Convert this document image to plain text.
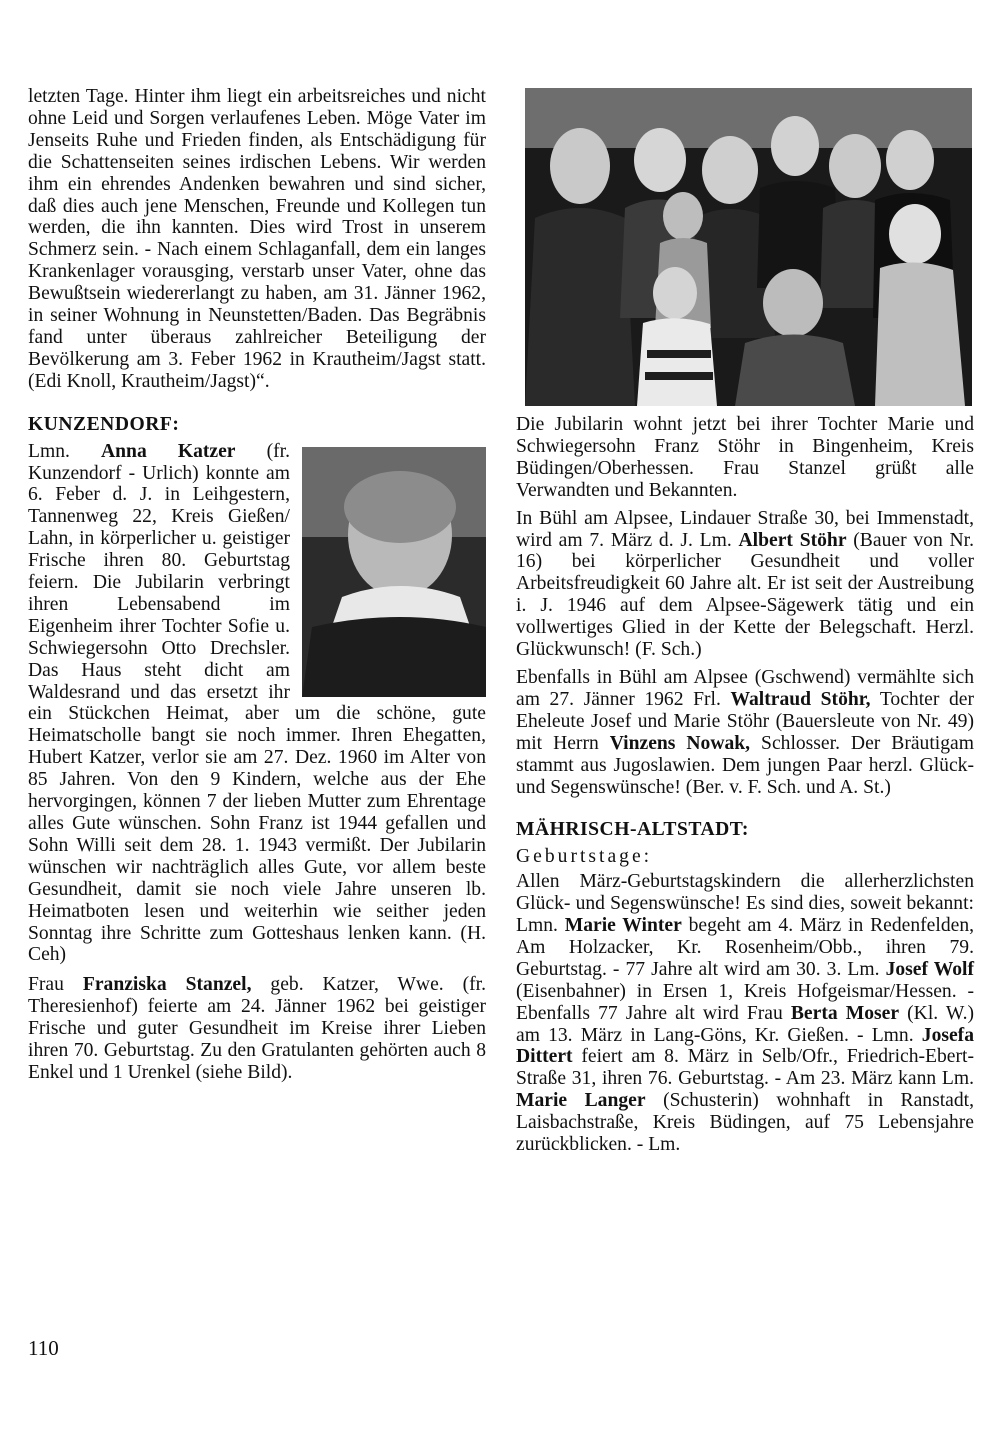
letzten Tage. Hinter ihm liegt ein arbeitsreiches und nicht ohne Leid und Sorgen verlaufenes Leben. Möge Vater im Jenseits Ruhe und Frieden finden, als Entschädigung für die Schattenseiten seines irdischen Lebens. Wir werden ihm ein ehrendes Andenken bewahren und sind sicher, daß dies auch jene Menschen, Freunde und Kollegen tun werden, die ihn kannten. Dies wird Trost in unserem Schmerz sein. - Nach einem Schlaganfall, dem ein langes Krankenlager vorausging, verstarb unser Vater, ohne das Bewußtsein wiedererlangt zu haben, am 31. Jänner 1962, in seiner Wohnung in Neunstetten/Baden. Das Begräbnis fand unter überaus zahlreicher Beteiligung der Bevölkerung am 3. Feber 1962 in Krautheim/Jagst statt. (Edi Knoll, Krautheim/Jagst)“.

KUNZENDORF:

Lmn. Anna Katzer (fr. Kunzendorf - Urlich) konnte am 6. Feber d. J. in Leihgestern, Tannenweg 22, Kreis Gießen/ Lahn, in körperlicher u. geistiger Frische ihren 80. Geburtstag feiern. Die Jubilarin verbringt ihren Lebensabend im Eigenheim ihrer Tochter Sofie u. Schwiegersohn Otto Drechsler. Das Haus steht dicht am Waldesrand und das ersetzt ihr ein Stückchen Heimat, aber um die schöne, gute Heimatscholle bangt sie noch immer. Ihren Ehegatten, Hubert Katzer, verlor sie am 27. Dez. 1960 im Alter von 85 Jahren. Von den 9 Kindern, welche aus der Ehe hervorgingen, können 7 der lieben Mutter zum Ehrentage alles Gute wünschen. Sohn Franz ist 1944 gefallen und Sohn Willi seit dem 28. 1. 1943 vermißt. Der Jubilarin wünschen wir nachträglich alles Gute, vor allem beste Gesundheit, damit sie noch viele Jahre unseren lb. Heimatboten lesen und weiterhin wie seither jeden Sonntag ihre Schritte zum Gotteshaus lenken kann. (H. Ceh)

Frau Franziska Stanzel, geb. Katzer, Wwe. (fr. Theresienhof) feierte am 24. Jänner 1962 bei geistiger Frische und guter Gesundheit im Kreise ihrer Lieben ihren 70. Geburtstag. Zu den Gratulanten gehörten auch 8 Enkel und 1 Urenkel (siehe Bild).

Die Jubilarin wohnt jetzt bei ihrer Tochter Marie und Schwiegersohn Franz Stöhr in Bingenheim, Kreis Büdingen/Oberhessen. Frau Stanzel grüßt alle Verwandten und Bekannten.

In Bühl am Alpsee, Lindauer Straße 30, bei Immenstadt, wird am 7. März d. J. Lm. Albert Stöhr (Bauer von Nr. 16) bei körperlicher Gesundheit und voller Arbeitsfreudigkeit 60 Jahre alt. Er ist seit der Austreibung i. J. 1946 auf dem Alpsee-Sägewerk tätig und ein vollwertiges Glied in der Kette der Belegschaft. Herzl. Glückwunsch! (F. Sch.)

Ebenfalls in Bühl am Alpsee (Gschwend) vermählte sich am 27. Jänner 1962 Frl. Waltraud Stöhr, Tochter der Eheleute Josef und Marie Stöhr (Bauersleute von Nr. 49) mit Herrn Vinzens Nowak, Schlosser. Der Bräutigam stammt aus Jugoslawien. Dem jungen Paar herzl. Glück- und Segenswünsche! (Ber. v. F. Sch. und A. St.)

MÄHRISCH-ALTSTADT:
Geburtstage:

Allen März-Geburtstagskindern die allerherzlichsten Glück- und Segenswünsche! Es sind dies, soweit bekannt: Lmn. Marie Winter begeht am 4. März in Redenfelden, Am Holzacker, Kr. Rosenheim/Obb., ihren 79. Geburtstag. - 77 Jahre alt wird am 30. 3. Lm. Josef Wolf (Eisenbahner) in Ersen 1, Kreis Hofgeismar/Hessen. - Ebenfalls 77 Jahre alt wird Frau Berta Moser (Kl. W.) am 13. März in Lang-Göns, Kr. Gießen. - Lmn. Josefa Dittert feiert am 8. März in Selb/Ofr., Friedrich-Ebert-Straße 31, ihren 76. Geburtstag. - Am 23. März kann Lm. Marie Langer (Schusterin) wohnhaft in Ranstadt, Laisbachstraße, Kreis Büdingen, auf 75 Lebensjahre zurückblicken. - Lm.

110
